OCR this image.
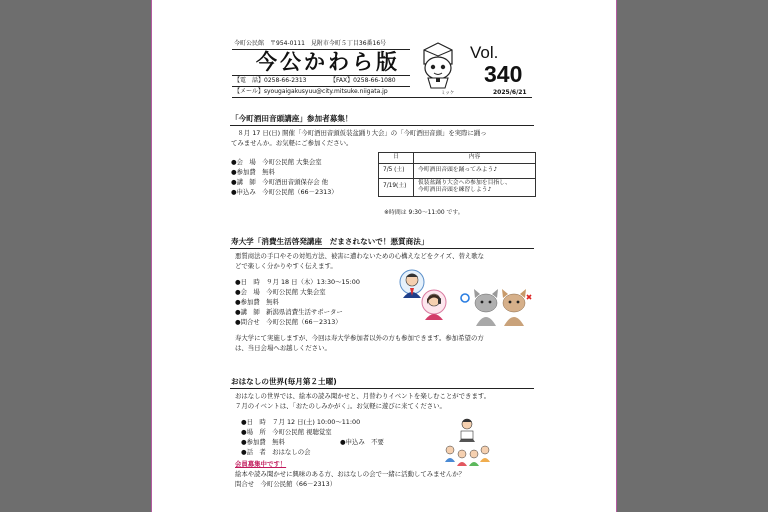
今町公民館　〒954-0111　見附市今町５丁目36番16号
今公かわら版
【電　話】0258-66-2313	【FAX】0258-66-1080
【メール】syougaigakusyuu@city.mitsuke.niigata.jp	ミッケ
Vol.
340
2025/6/21
「今町酒田音頭講座」参加者募集！
　８月 17 日(日) 開催「今町酒田音頭仮装盆踊り大会」の「今町酒田音頭」を実際に踊っ
てみませんか。お気軽にご参加ください。
●会　場　今町公民館 大集会室
●参加費　無料
●講　師　今町酒田音頭保存会 他
●申込み　今町公民館（66－2313）
日	内容
7/5 (土)	今町酒田音頭を踊ってみよう♪
7/19(土)	仮装盆踊り大会への参加を目指し、
今町酒田音頭を練習しよう♪
※時間は 9:30～11:00 です。
寿大学「消費生活啓発講座　だまされないで！悪質商法」
悪質商法の手口やその対処方法、被害に遭わないための心構えなどをクイズ、替え歌な
どで楽しく分かりやすく伝えます。
●日　時　９月 18 日（木）13:30～15:00
●会　場　今町公民館 大集会室
●参加費　無料
●講　師　新潟県消費生活サポーター
●問合せ　今町公民館（66－2313）
寿大学にて実施しますが、今回は寿大学参加者以外の方も参加できます。参加希望の方
は、当日会場へお越しください。
おはなしの世界(毎月第２土曜)
おはなしの世界では、絵本の読み聞かせと、月替わりイベントを楽しむことができます。
７月のイベントは、「おたのしみかがく」。お気軽に遊びに来てください。
●日　時　７月 12 日(土) 10:00～11:00
●場　所　今町公民館 視聴覚室
●参加費　無料	●申込み　不要
●話　者　おはなしの会
会員募集中です！
絵本や読み聞かせに興味のある方、おはなしの会で一緒に活動してみませんか？
問合せ　今町公民館（66－2313）
